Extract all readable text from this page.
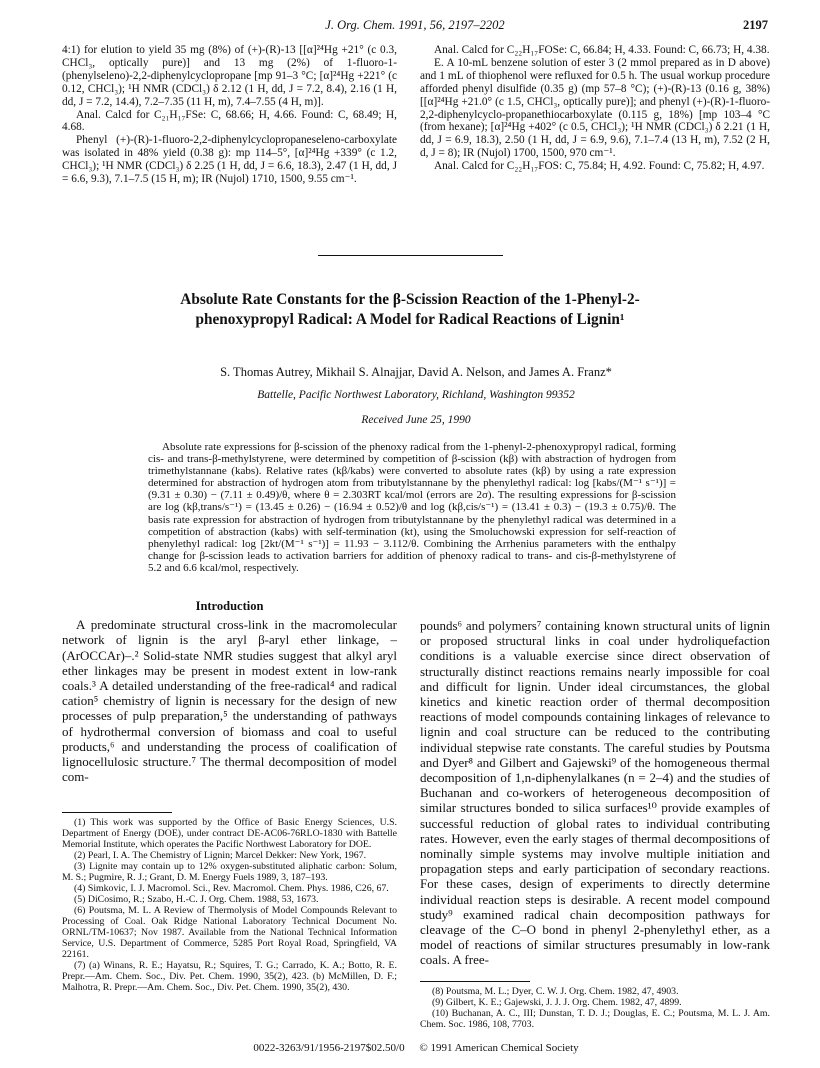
J. Org. Chem. 1991, 56, 2197–2202	2197

4:1) for elution to yield 35 mg (8%) of (+)-(R)-13 [[α]²⁴Hg +21° (c 0.3, CHCl₃, optically pure)] and 13 mg (2%) of 1-fluoro-1-(phenylseleno)-2,2-diphenylcyclopropane [mp 91–3 °C; [α]²⁴Hg +221° (c 0.12, CHCl₃); ¹H NMR (CDCl₃) δ 2.12 (1 H, dd, J = 7.2, 8.4), 2.16 (1 H, dd, J = 7.2, 14.4), 7.2–7.35 (11 H, m), 7.4–7.55 (4 H, m)].

Anal. Calcd for C₂₁H₁₇FSe: C, 68.66; H, 4.66. Found: C, 68.49; H, 4.68.

Phenyl (+)-(R)-1-fluoro-2,2-diphenylcyclopropaneseleno-carboxylate was isolated in 48% yield (0.38 g): mp 114–5°, [α]²⁴Hg +339° (c 1.2, CHCl₃); ¹H NMR (CDCl₃) δ 2.25 (1 H, dd, J = 6.6, 18.3), 2.47 (1 H, dd, J = 6.6, 9.3), 7.1–7.5 (15 H, m); IR (Nujol) 1710, 1500, 9.55 cm⁻¹.

Anal. Calcd for C₂₂H₁₇FOSe: C, 66.84; H, 4.33. Found: C, 66.73; H, 4.38.

E. A 10-mL benzene solution of ester 3 (2 mmol prepared as in D above) and 1 mL of thiophenol were refluxed for 0.5 h. The usual workup procedure afforded phenyl disulfide (0.35 g) (mp 57–8 °C); (+)-(R)-13 (0.16 g, 38%) [[α]²⁴Hg +21.0° (c 1.5, CHCl₃, optically pure)]; and phenyl (+)-(R)-1-fluoro-2,2-diphenylcyclo-propanethiocarboxylate (0.115 g, 18%) [mp 103–4 °C (from hexane); [α]²⁴Hg +402° (c 0.5, CHCl₃); ¹H NMR (CDCl₃) δ 2.21 (1 H, dd, J = 6.9, 18.3), 2.50 (1 H, dd, J = 6.9, 9.6), 7.1–7.4 (13 H, m), 7.52 (2 H, d, J = 8); IR (Nujol) 1700, 1500, 970 cm⁻¹.

Anal. Calcd for C₂₂H₁₇FOS: C, 75.84; H, 4.92. Found: C, 75.82; H, 4.97.

Absolute Rate Constants for the β-Scission Reaction of the 1-Phenyl-2-phenoxypropyl Radical: A Model for Radical Reactions of Lignin¹
S. Thomas Autrey, Mikhail S. Alnajjar, David A. Nelson, and James A. Franz*
Battelle, Pacific Northwest Laboratory, Richland, Washington 99352
Received June 25, 1990

Absolute rate expressions for β-scission of the phenoxy radical from the 1-phenyl-2-phenoxypropyl radical, forming cis- and trans-β-methylstyrene, were determined by competition of β-scission (kβ) with abstraction of hydrogen from trimethylstannane (kabs). Relative rates (kβ/kabs) were converted to absolute rates (kβ) by using a rate expression determined for abstraction of hydrogen atom from tributylstannane by the phenylethyl radical: log [kabs/(M⁻¹ s⁻¹)] = (9.31 ± 0.30) − (7.11 ± 0.49)/θ, where θ = 2.303RT kcal/mol (errors are 2σ). The resulting expressions for β-scission are log (kβ,trans/s⁻¹) = (13.45 ± 0.26) − (16.94 ± 0.52)/θ and log (kβ,cis/s⁻¹) = (13.41 ± 0.3) − (19.3 ± 0.75)/θ. The basis rate expression for abstraction of hydrogen from tributylstannane by the phenylethyl radical was determined in a competition of abstraction (kabs) with self-termination (kt), using the Smoluchowski expression for self-reaction of phenylethyl radical: log [2kt/(M⁻¹ s⁻¹)] = 11.93 − 3.112/θ. Combining the Arrhenius parameters with the enthalpy change for β-scission leads to activation barriers for addition of phenoxy radical to trans- and cis-β-methylstyrene of 5.2 and 6.6 kcal/mol, respectively.

Introduction

A predominate structural cross-link in the macromolecular network of lignin is the aryl β-aryl ether linkage, –(ArOCCAr)–.² Solid-state NMR studies suggest that alkyl aryl ether linkages may be present in modest extent in low-rank coals.³ A detailed understanding of the free-radical⁴ and radical cation⁵ chemistry of lignin is necessary for the design of new processes of pulp preparation,⁵ the understanding of pathways of hydrothermal conversion of biomass and coal to useful products,⁶ and understanding the process of coalification of lignocellulosic structure.⁷ The thermal decomposition of model com-

pounds⁶ and polymers⁷ containing known structural units of lignin or proposed structural links in coal under hydroliquefaction conditions is a valuable exercise since direct observation of structurally distinct reactions remains nearly impossible for coal and difficult for lignin. Under ideal circumstances, the global kinetics and kinetic reaction order of thermal decomposition reactions of model compounds containing linkages of relevance to lignin and coal structure can be reduced to the contributing individual stepwise rate constants. The careful studies by Poutsma and Dyer⁸ and Gilbert and Gajewski⁹ of the homogeneous thermal decomposition of 1,n-diphenylalkanes (n = 2–4) and the studies of Buchanan and co-workers of heterogeneous decomposition of similar structures bonded to silica surfaces¹⁰ provide examples of successful reduction of global rates to individual contributing rates. However, even the early stages of thermal decompositions of nominally simple systems may involve multiple initiation and propagation steps and early participation of secondary reactions. For these cases, design of experiments to directly determine individual reaction steps is desirable. A recent model compound study⁹ examined radical chain decomposition pathways for cleavage of the C–O bond in phenyl 2-phenylethyl ether, as a model of reactions of similar structures presumably in low-rank coals. A free-

(1) This work was supported by the Office of Basic Energy Sciences, U.S. Department of Energy (DOE), under contract DE-AC06-76RLO-1830 with Battelle Memorial Institute, which operates the Pacific Northwest Laboratory for DOE.

(2) Pearl, I. A. The Chemistry of Lignin; Marcel Dekker: New York, 1967.

(3) Lignite may contain up to 12% oxygen-substituted aliphatic carbon: Solum, M. S.; Pugmire, R. J.; Grant, D. M. Energy Fuels 1989, 3, 187–193.

(4) Simkovic, I. J. Macromol. Sci., Rev. Macromol. Chem. Phys. 1986, C26, 67.

(5) DiCosimo, R.; Szabo, H.-C. J. Org. Chem. 1988, 53, 1673.

(6) Poutsma, M. L. A Review of Thermolysis of Model Compounds Relevant to Processing of Coal. Oak Ridge National Laboratory Technical Document No. ORNL/TM-10637; Nov 1987. Available from the National Technical Information Service, U.S. Department of Commerce, 5285 Port Royal Road, Springfield, VA 22161.

(7) (a) Winans, R. E.; Hayatsu, R.; Squires, T. G.; Carrado, K. A.; Botto, R. E. Prepr.—Am. Chem. Soc., Div. Pet. Chem. 1990, 35(2), 423. (b) McMillen, D. F.; Malhotra, R. Prepr.—Am. Chem. Soc., Div. Pet. Chem. 1990, 35(2), 430.	(8) Poutsma, M. L.; Dyer, C. W. J. Org. Chem. 1982, 47, 4903.

(9) Gilbert, K. E.; Gajewski, J. J. J. Org. Chem. 1982, 47, 4899.

(10) Buchanan, A. C., III; Dunstan, T. D. J.; Douglas, E. C.; Poutsma, M. L. J. Am. Chem. Soc. 1986, 108, 7703.

0022-3263/91/1956-2197$02.50/0 © 1991 American Chemical Society
